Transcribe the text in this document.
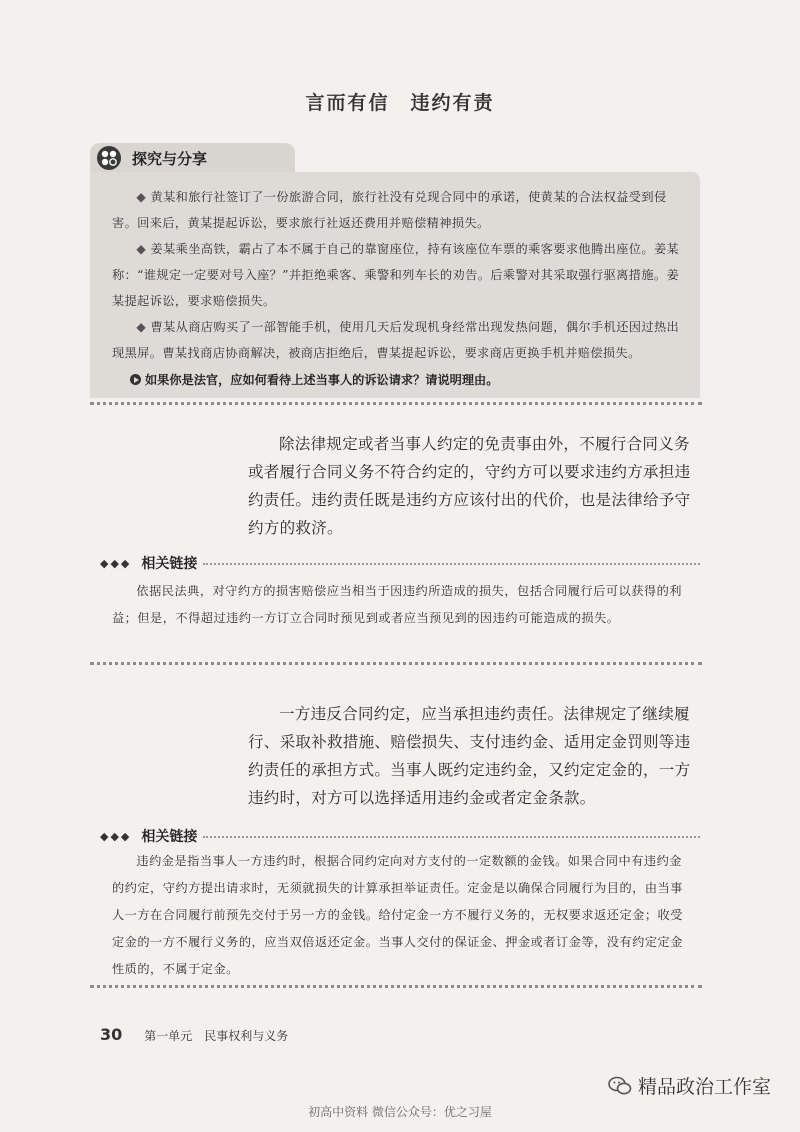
言而有信　违约有责
探究与分享

◆ 黄某和旅行社签订了一份旅游合同，旅行社没有兑现合同中的承诺，使黄某的合法权益受到侵害。回来后，黄某提起诉讼，要求旅行社返还费用并赔偿精神损失。

◆ 姜某乘坐高铁，霸占了本不属于自己的靠窗座位，持有该座位车票的乘客要求他腾出座位。姜某称：“谁规定一定要对号入座？”并拒绝乘客、乘警和列车长的劝告。后乘警对其采取强行驱离措施。姜某提起诉讼，要求赔偿损失。

◆ 曹某从商店购买了一部智能手机，使用几天后发现机身经常出现发热问题，偶尔手机还因过热出现黑屏。曹某找商店协商解决，被商店拒绝后，曹某提起诉讼，要求商店更换手机并赔偿损失。

如果你是法官，应如何看待上述当事人的诉讼请求？请说明理由。

除法律规定或者当事人约定的免责事由外，不履行合同义务或者履行合同义务不符合约定的，守约方可以要求违约方承担违约责任。违约责任既是违约方应该付出的代价，也是法律给予守约方的救济。

◆◆◆ 相关链接

依据民法典，对守约方的损害赔偿应当相当于因违约所造成的损失，包括合同履行后可以获得的利益；但是，不得超过违约一方订立合同时预见到或者应当预见到的因违约可能造成的损失。

一方违反合同约定，应当承担违约责任。法律规定了继续履行、采取补救措施、赔偿损失、支付违约金、适用定金罚则等违约责任的承担方式。当事人既约定违约金，又约定定金的，一方违约时，对方可以选择适用违约金或者定金条款。

◆◆◆ 相关链接

违约金是指当事人一方违约时，根据合同约定向对方支付的一定数额的金钱。如果合同中有违约金的约定，守约方提出请求时，无须就损失的计算承担举证责任。定金是以确保合同履行为目的，由当事人一方在合同履行前预先交付于另一方的金钱。给付定金一方不履行义务的，无权要求返还定金；收受定金的一方不履行义务的，应当双倍返还定金。当事人交付的保证金、押金或者订金等，没有约定定金性质的，不属于定金。

30 第一单元　民事权利与义务
精品政治工作室
初高中资料 微信公众号：优之习屋
